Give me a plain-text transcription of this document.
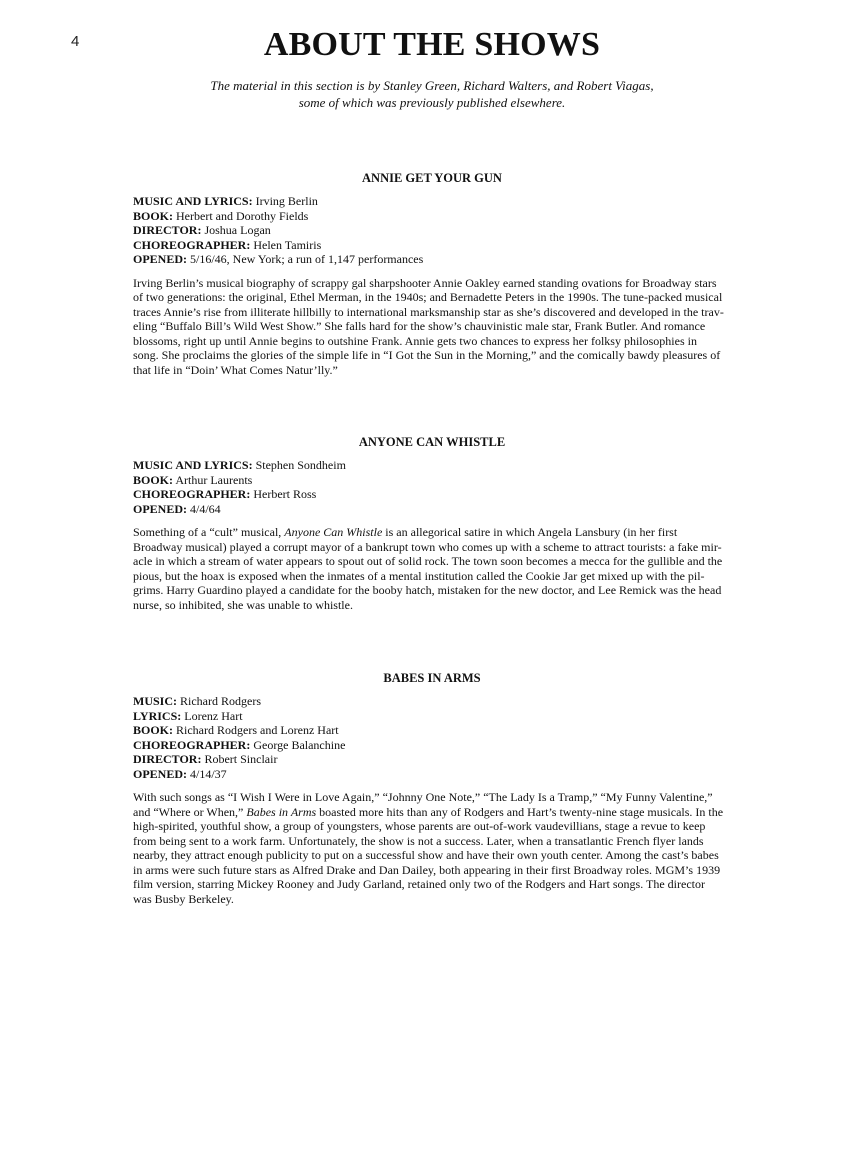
4	ABOUT THE SHOWS
The material in this section is by Stanley Green, Richard Walters, and Robert Viagas,
some of which was previously published elsewhere.
ANNIE GET YOUR GUN
MUSIC AND LYRICS: Irving Berlin
BOOK: Herbert and Dorothy Fields
DIRECTOR: Joshua Logan
CHOREOGRAPHER: Helen Tamiris
OPENED: 5/16/46, New York; a run of 1,147 performances
Irving Berlin’s musical biography of scrappy gal sharpshooter Annie Oakley earned standing ovations for Broadway stars
of two generations: the original, Ethel Merman, in the 1940s; and Bernadette Peters in the 1990s. The tune-packed musical
traces Annie’s rise from illiterate hillbilly to international marksmanship star as she’s discovered and developed in the trav-
eling “Buffalo Bill’s Wild West Show.” She falls hard for the show’s chauvinistic male star, Frank Butler. And romance
blossoms, right up until Annie begins to outshine Frank. Annie gets two chances to express her folksy philosophies in
song. She proclaims the glories of the simple life in “I Got the Sun in the Morning,” and the comically bawdy pleasures of
that life in “Doin’ What Comes Natur’lly.”
ANYONE CAN WHISTLE
MUSIC AND LYRICS: Stephen Sondheim
BOOK: Arthur Laurents
CHOREOGRAPHER: Herbert Ross
OPENED: 4/4/64
Something of a “cult” musical, Anyone Can Whistle is an allegorical satire in which Angela Lansbury (in her first
Broadway musical) played a corrupt mayor of a bankrupt town who comes up with a scheme to attract tourists: a fake mir-
acle in which a stream of water appears to spout out of solid rock. The town soon becomes a mecca for the gullible and the
pious, but the hoax is exposed when the inmates of a mental institution called the Cookie Jar get mixed up with the pil-
grims. Harry Guardino played a candidate for the booby hatch, mistaken for the new doctor, and Lee Remick was the head
nurse, so inhibited, she was unable to whistle.
BABES IN ARMS
MUSIC: Richard Rodgers
LYRICS: Lorenz Hart
BOOK: Richard Rodgers and Lorenz Hart
CHOREOGRAPHER: George Balanchine
DIRECTOR: Robert Sinclair
OPENED: 4/14/37
With such songs as “I Wish I Were in Love Again,” “Johnny One Note,” “The Lady Is a Tramp,” “My Funny Valentine,”
and “Where or When,” Babes in Arms boasted more hits than any of Rodgers and Hart’s twenty-nine stage musicals. In the
high-spirited, youthful show, a group of youngsters, whose parents are out-of-work vaudevillians, stage a revue to keep
from being sent to a work farm. Unfortunately, the show is not a success. Later, when a transatlantic French flyer lands
nearby, they attract enough publicity to put on a successful show and have their own youth center. Among the cast’s babes
in arms were such future stars as Alfred Drake and Dan Dailey, both appearing in their first Broadway roles. MGM’s 1939
film version, starring Mickey Rooney and Judy Garland, retained only two of the Rodgers and Hart songs. The director
was Busby Berkeley.
